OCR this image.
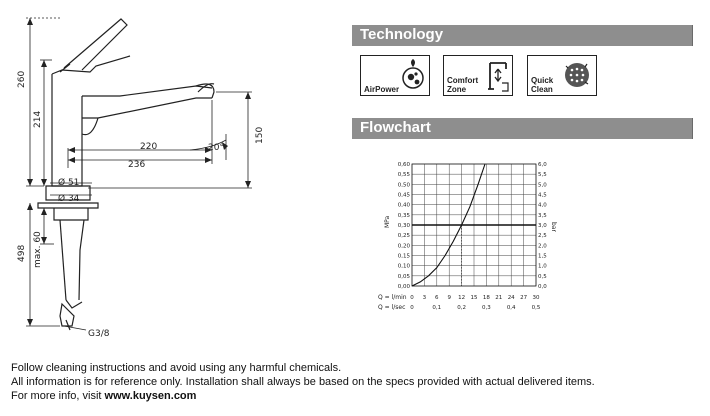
260
214
220
236
20°
150
Ø 51
Ø 34
498 max. 60
G3/8
Technology
AirPower
Comfort
Zone
Quick
Clean
Flowchart
MPa	bar
Q = l/min
Q = l/sec
0,60	6,0
0,55	5,5
0,50	5,0
0,45	4,5
0,40	4,0
0,35	3,5
0,30	3,0
0,25	2,5
0,20	2,0
0,15	1,5
0,10	1,0
0,05	0,5
0,00	0,0
0 3 6 9 12 15 18 21 24 27 30
0	0,1	0,2	0,3	0,4	0,5
Follow cleaning instructions and avoid using any harmful chemicals.
All information is for reference only. Installation shall always be based on the specs provided with actual delivered items.
For more info, visit www.kuysen.com
